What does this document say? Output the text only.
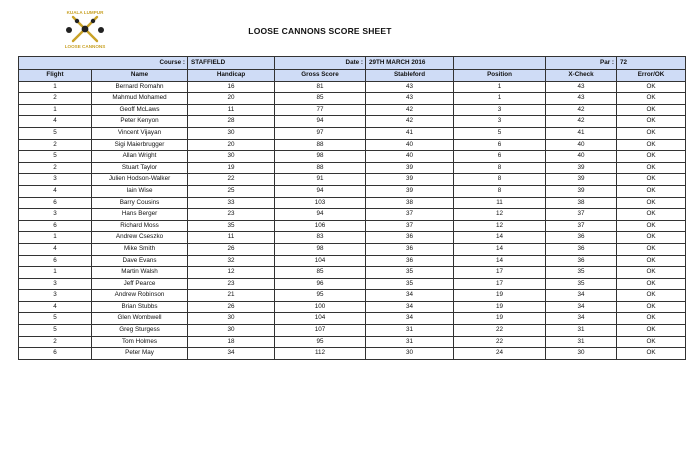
KUALA LUMPUR
LOOSE CANNONS
LOOSE CANNONS SCORE SHEET
Course :		STAFFIELD	Date :	29TH MARCH 2016		Par :	72
Flight	Name	Handicap	Gross Score	Stableford	Position	X-Check	Error/OK
1	Bernard Romahn	16	81	43	1	43	OK
2	Mahmud Mohamed	20	85	43	1	43	OK
1	Geoff McLaws	11	77	42	3	42	OK
4	Peter Kenyon	28	94	42	3	42	OK
5	Vincent Vijayan	30	97	41	5	41	OK
2	Sigi Maierbrugger	20	88	40	6	40	OK
5	Allan Wright	30	98	40	6	40	OK
2	Stuart Taylor	19	88	39	8	39	OK
3	Julien Hodson-Walker	22	91	39	8	39	OK
4	Iain Wise	25	94	39	8	39	OK
6	Barry Cousins	33	103	38	11	38	OK
3	Hans Berger	23	94	37	12	37	OK
6	Richard Moss	35	106	37	12	37	OK
1	Andrew Cseszko	11	83	36	14	36	OK
4	Mike Smith	26	98	36	14	36	OK
6	Dave Evans	32	104	36	14	36	OK
1	Martin Walsh	12	85	35	17	35	OK
3	Jeff Pearce	23	96	35	17	35	OK
3	Andrew Robinson	21	95	34	19	34	OK
4	Brian Stubbs	26	100	34	19	34	OK
5	Glen Wombwell	30	104	34	19	34	OK
5	Greg Sturgess	30	107	31	22	31	OK
2	Tom Holmes	18	95	31	22	31	OK
6	Peter May	34	112	30	24	30	OK
